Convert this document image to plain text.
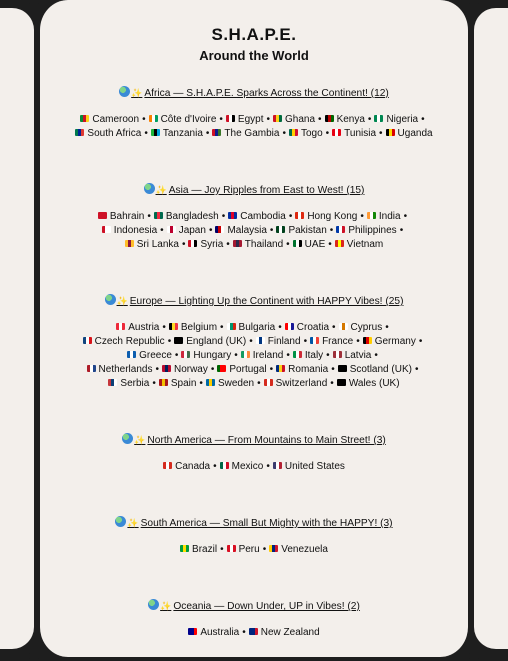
S.H.A.P.E.
Around the World
✨ Africa — S.H.A.P.E. Sparks Across the Continent! (12)
Cameroon • Côte d'Ivoire • Egypt • Ghana • Kenya • Nigeria •
South Africa • Tanzania • The Gambia • Togo • Tunisia • Uganda
✨ Asia — Joy Ripples from East to West! (15)
Bahrain • Bangladesh • Cambodia • Hong Kong • India •
Indonesia • Japan • Malaysia • Pakistan • Philippines •
Sri Lanka • Syria • Thailand • UAE • Vietnam
✨ Europe — Lighting Up the Continent with HAPPY Vibes! (25)
Austria • Belgium • Bulgaria • Croatia • Cyprus •
Czech Republic • England (UK) • Finland • France • Germany •
Greece • Hungary • Ireland • Italy • Latvia •
Netherlands • Norway • Portugal • Romania • Scotland (UK) •
Serbia • Spain • Sweden • Switzerland • Wales (UK)
✨ North America — From Mountains to Main Street! (3)
Canada • Mexico • United States
✨ South America — Small But Mighty with the HAPPY! (3)
Brazil • Peru • Venezuela
✨ Oceania — Down Under, UP in Vibes! (2)
Australia • New Zealand
